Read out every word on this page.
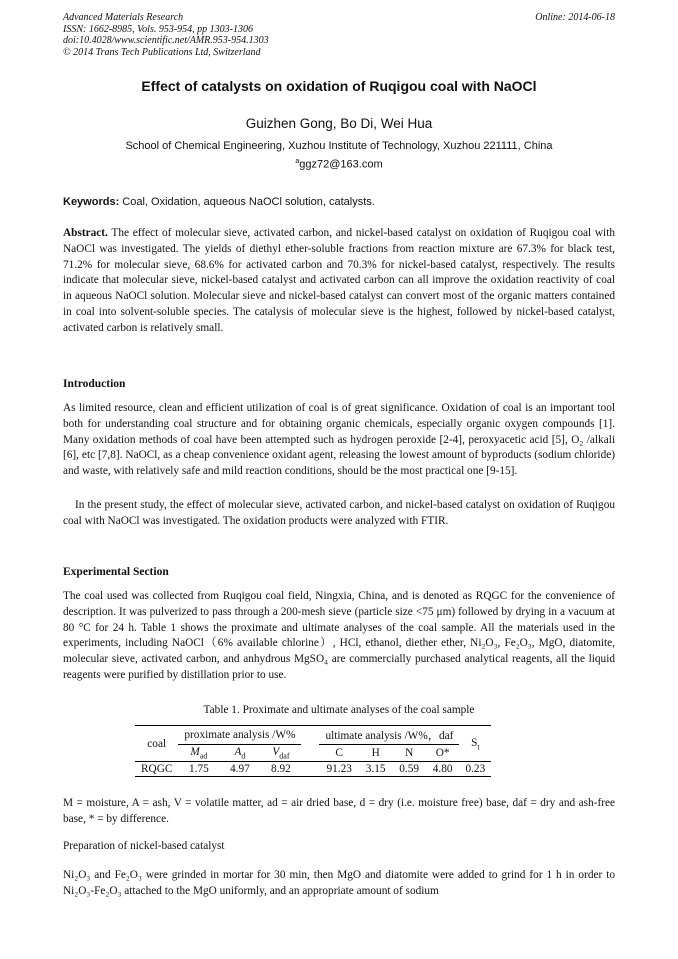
Advanced Materials Research
ISSN: 1662-8985, Vols. 953-954, pp 1303-1306
doi:10.4028/www.scientific.net/AMR.953-954.1303
© 2014 Trans Tech Publications Ltd, Switzerland
Online: 2014-06-18
Effect of catalysts on oxidation of Ruqigou coal with NaOCl
Guizhen Gong, Bo Di, Wei Hua
School of Chemical Engineering, Xuzhou Institute of Technology, Xuzhou 221111, China
$^a$ggz72@163.com
Keywords: Coal, Oxidation, aqueous NaOCl solution, catalysts.
Abstract. The effect of molecular sieve, activated carbon, and nickel-based catalyst on oxidation of Ruqigou coal with NaOCl was investigated. The yields of diethyl ether-soluble fractions from reaction mixture are 67.3% for black test, 71.2% for molecular sieve, 68.6% for activated carbon and 70.3% for nickel-based catalyst, respectively. The results indicate that molecular sieve, nickel-based catalyst and activated carbon can all improve the oxidation reactivity of coal in aqueous NaOCl solution. Molecular sieve and nickel-based catalyst can convert most of the organic matters contained in coal into solvent-soluble species. The catalysis of molecular sieve is the highest, followed by nickel-based catalyst, activated carbon is relatively small.
Introduction
As limited resource, clean and efficient utilization of coal is of great significance. Oxidation of coal is an important tool both for understanding coal structure and for obtaining organic chemicals, especially organic oxygen compounds [1]. Many oxidation methods of coal have been attempted such as hydrogen peroxide [2-4], peroxyacetic acid [5], O₂ /alkali [6], etc [7,8]. NaOCl, as a cheap convenience oxidant agent, releasing the lowest amount of byproducts (sodium chloride) and waste, with relatively safe and mild reaction conditions, should be the most practical one [9-15].
In the present study, the effect of molecular sieve, activated carbon, and nickel-based catalyst on oxidation of Ruqigou coal with NaOCl was investigated. The oxidation products were analyzed with FTIR.
Experimental Section
The coal used was collected from Ruqigou coal field, Ningxia, China, and is denoted as RQGC for the convenience of description. It was pulverized to pass through a 200-mesh sieve (particle size <75 μm) followed by drying in a vacuum at 80 °C for 24 h. Table 1 shows the proximate and ultimate analyses of the coal sample. All the materials used in the experiments, including NaOCl（6% available chlorine）, HCl, ethanol, diether ether, Ni₂O₃, Fe₂O₃, MgO, diatomite, molecular sieve, activated carbon, and anhydrous MgSO₄ are commercially purchased analytical reagents, all the liquid reagents were purified by distillation prior to use.
Table 1. Proximate and ultimate analyses of the coal sample
coal	proximate analysis /W%				ultimate analysis /W%，daf				$S_t$
	$M_{ad}$	$A_d$	$V_{daf}$		C	H	N	O*	
RQGC	1.75	4.97	8.92		91.23	3.15	0.59	4.80	0.23
M = moisture, A = ash, V = volatile matter, ad = air dried base, d = dry (i.e. moisture free) base, daf = dry and ash-free base, * = by difference.
Preparation of nickel-based catalyst
Ni₂O₃ and Fe₂O₃ were grinded in mortar for 30 min, then MgO and diatomite were added to grind for 1 h in order to Ni₂O₃-Fe₂O₃ attached to the MgO uniformly, and an appropriate amount of sodium
